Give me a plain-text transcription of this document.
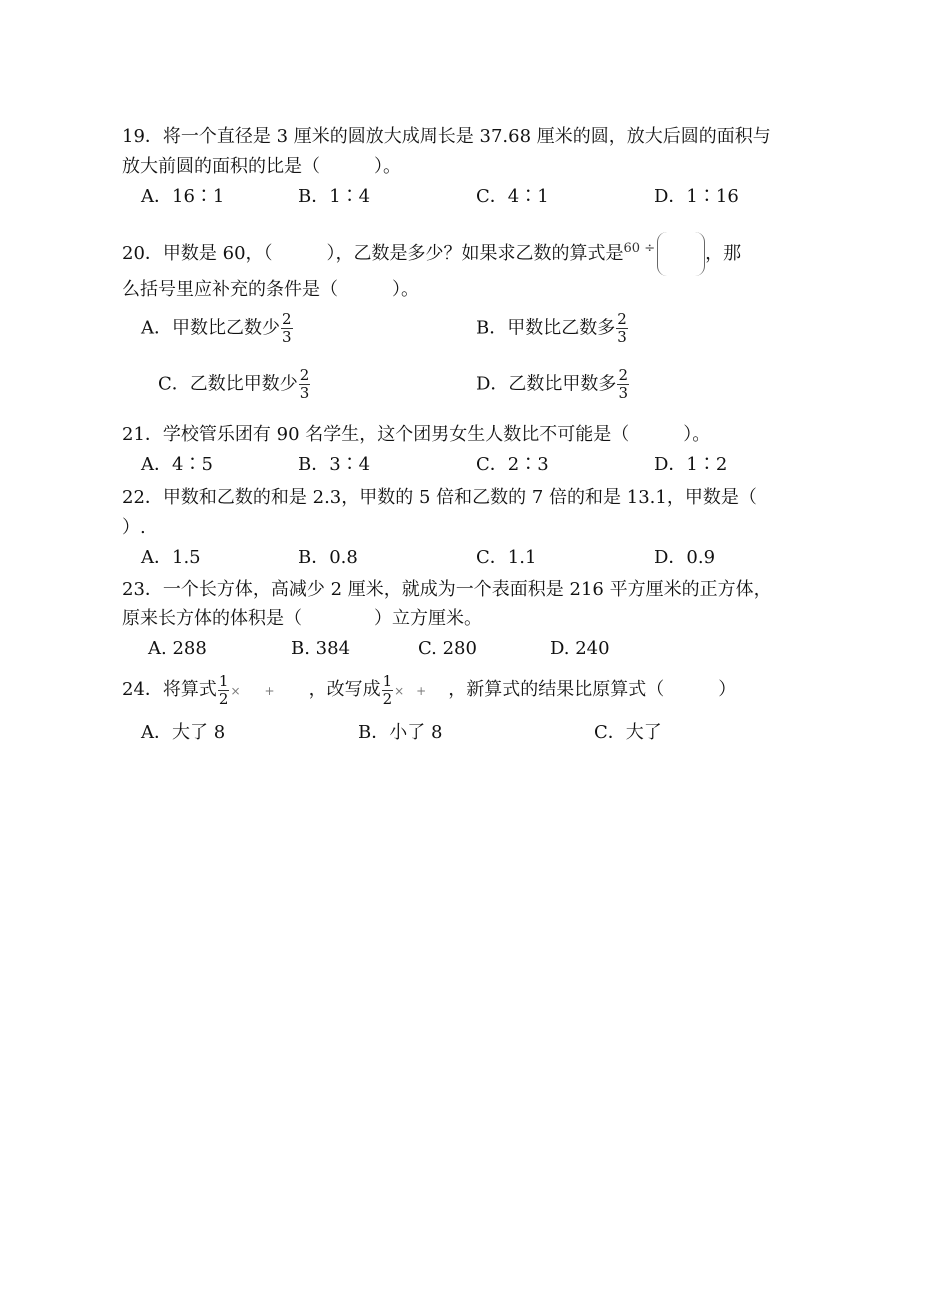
19．将一个直径是 3 厘米的圆放大成周长是 37.68 厘米的圆，放大后圆的面积与
放大前圆的面积的比是（　　　）。
A．16∶1	B．1∶4	C．4∶1	D．1∶16
20．甲数是 60，（　　　），乙数是多少？如果求乙数的算式是$^{60 \div}$	，那
么括号里应补充的条件是（　　　）。
A．甲数比乙数少 $\frac{2}{3}$	B．甲数比乙数多 $\frac{2}{3}$
C．乙数比甲数少 $\frac{2}{3}$	D．乙数比甲数多 $\frac{2}{3}$
21．学校管乐团有 90 名学生，这个团男女生人数比不可能是（　　　）。
A．4∶5	B．3∶4	C．2∶3	D．1∶2
22．甲数和乙数的和是 2.3，甲数的 5 倍和乙数的 7 倍的和是 13.1，甲数是（
）.
A．1.5	B．0.8	C．1.1	D．0.9
23．一个长方体，高减少 2 厘米，就成为一个表面积是 216 平方厘米的正方体，
原来长方体的体积是（　　　　）立方厘米。
A. 288	B. 384	C. 280	D. 240
24．将算式 $\frac{1}{2}$ ×　　+ ，改写成 $\frac{1}{2}$ ×　+ ，新算式的结果比原算式（　　　）
A．大了 8	B．小了 8	C．大了
